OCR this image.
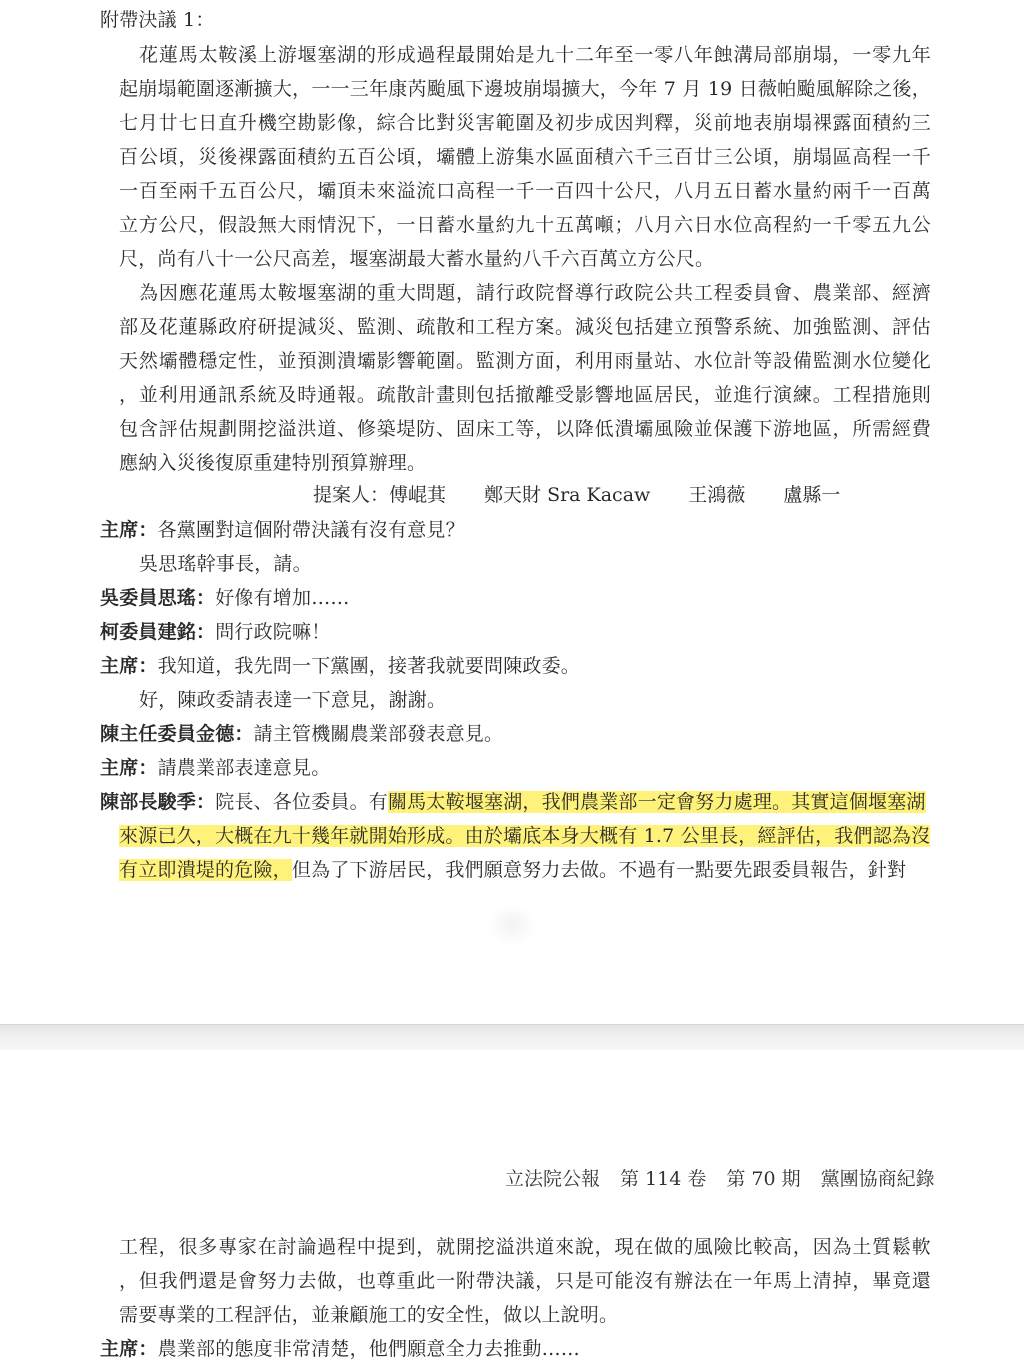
附帶決議 1：
花蓮馬太鞍溪上游堰塞湖的形成過程最開始是九十二年至一零八年蝕溝局部崩塌，一零九年
起崩塌範圍逐漸擴大，一一三年康芮颱風下邊坡崩塌擴大，今年 7 月 19 日薇帕颱風解除之後，
七月廿七日直升機空勘影像，綜合比對災害範圍及初步成因判釋，災前地表崩塌裸露面積約三
百公頃，災後裸露面積約五百公頃，壩體上游集水區面積六千三百廿三公頃，崩塌區高程一千
一百至兩千五百公尺，壩頂未來溢流口高程一千一百四十公尺，八月五日蓄水量約兩千一百萬
立方公尺，假設無大雨情況下，一日蓄水量約九十五萬噸；八月六日水位高程約一千零五九公
尺，尚有八十一公尺高差，堰塞湖最大蓄水量約八千六百萬立方公尺。
為因應花蓮馬太鞍堰塞湖的重大問題，請行政院督導行政院公共工程委員會、農業部、經濟
部及花蓮縣政府研提減災、監測、疏散和工程方案。減災包括建立預警系統、加強監測、評估
天然壩體穩定性，並預測潰壩影響範圍。監測方面，利用雨量站、水位計等設備監測水位變化
，並利用通訊系統及時通報。疏散計畫則包括撤離受影響地區居民，並進行演練。工程措施則
包含評估規劃開挖溢洪道、修築堤防、固床工等，以降低潰壩風險並保護下游地區，所需經費
應納入災後復原重建特別預算辦理。
提案人：傅崐萁 鄭天財 Sra Kacaw 王鴻薇 盧縣一
主席：各黨團對這個附帶決議有沒有意見？
吳思瑤幹事長，請。
吳委員思瑤：好像有增加……
柯委員建銘：問行政院嘛！
主席：我知道，我先問一下黨團，接著我就要問陳政委。
好，陳政委請表達一下意見，謝謝。
陳主任委員金德：請主管機關農業部發表意見。
主席：請農業部表達意見。
陳部長駿季：院長、各位委員。有關馬太鞍堰塞湖，我們農業部一定會努力處理。其實這個堰塞湖
來源已久，大概在九十幾年就開始形成。由於壩底本身大概有 1.7 公里長，經評估，我們認為沒
有立即潰堤的危險，但為了下游居民，我們願意努力去做。不過有一點要先跟委員報告，針對
立法院公報 第 114 卷 第 70 期 黨團協商紀錄
工程，很多專家在討論過程中提到，就開挖溢洪道來說，現在做的風險比較高，因為土質鬆軟
，但我們還是會努力去做，也尊重此一附帶決議，只是可能沒有辦法在一年馬上清掉，畢竟還
需要專業的工程評估，並兼顧施工的安全性，做以上說明。
主席：農業部的態度非常清楚，他們願意全力去推動……
